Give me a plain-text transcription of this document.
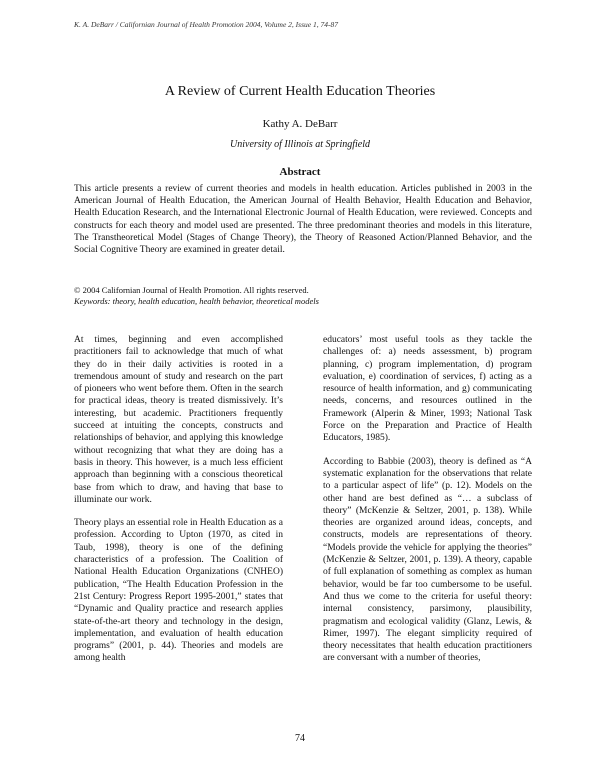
K. A. DeBarr / Californian Journal of Health Promotion 2004, Volume 2, Issue 1, 74-87
A Review of Current Health Education Theories
Kathy A. DeBarr
University of Illinois at Springfield
Abstract

This article presents a review of current theories and models in health education. Articles published in 2003 in the American Journal of Health Education, the American Journal of Health Behavior, Health Education and Behavior, Health Education Research, and the International Electronic Journal of Health Education, were reviewed. Concepts and constructs for each theory and model used are presented. The three predominant theories and models in this literature, The Transtheoretical Model (Stages of Change Theory), the Theory of Reasoned Action/Planned Behavior, and the Social Cognitive Theory are examined in greater detail.

© 2004 Californian Journal of Health Promotion. All rights reserved.
Keywords: theory, health education, health behavior, theoretical models

At times, beginning and even accomplished practitioners fail to acknowledge that much of what they do in their daily activities is rooted in a tremendous amount of study and research on the part of pioneers who went before them. Often in the search for practical ideas, theory is treated dismissively. It’s interesting, but academic. Practitioners frequently succeed at intuiting the concepts, constructs and relationships of behavior, and applying this knowledge without recognizing that what they are doing has a basis in theory. This however, is a much less efficient approach than beginning with a conscious theoretical base from which to draw, and having that base to illuminate our work.

Theory plays an essential role in Health Education as a profession. According to Upton (1970, as cited in Taub, 1998), theory is one of the defining characteristics of a profession. The Coalition of National Health Education Organizations (CNHEO) publication, “The Health Education Profession in the 21st Century: Progress Report 1995-2001,” states that “Dynamic and Quality practice and research applies state-of-the-art theory and technology in the design, implementation, and evaluation of health education programs” (2001, p. 44). Theories and models are among health

educators’ most useful tools as they tackle the challenges of: a) needs assessment, b) program planning, c) program implementation, d) program evaluation, e) coordination of services, f) acting as a resource of health information, and g) communicating needs, concerns, and resources outlined in the Framework (Alperin & Miner, 1993; National Task Force on the Preparation and Practice of Health Educators, 1985).

According to Babbie (2003), theory is defined as “A systematic explanation for the observations that relate to a particular aspect of life” (p. 12). Models on the other hand are best defined as “… a subclass of theory” (McKenzie & Seltzer, 2001, p. 138). While theories are organized around ideas, concepts, and constructs, models are representations of theory. “Models provide the vehicle for applying the theories” (McKenzie & Seltzer, 2001, p. 139). A theory, capable of full explanation of something as complex as human behavior, would be far too cumbersome to be useful. And thus we come to the criteria for useful theory: internal consistency, parsimony, plausibility, pragmatism and ecological validity (Glanz, Lewis, & Rimer, 1997). The elegant simplicity required of theory necessitates that health education practitioners are conversant with a number of theories,

74
